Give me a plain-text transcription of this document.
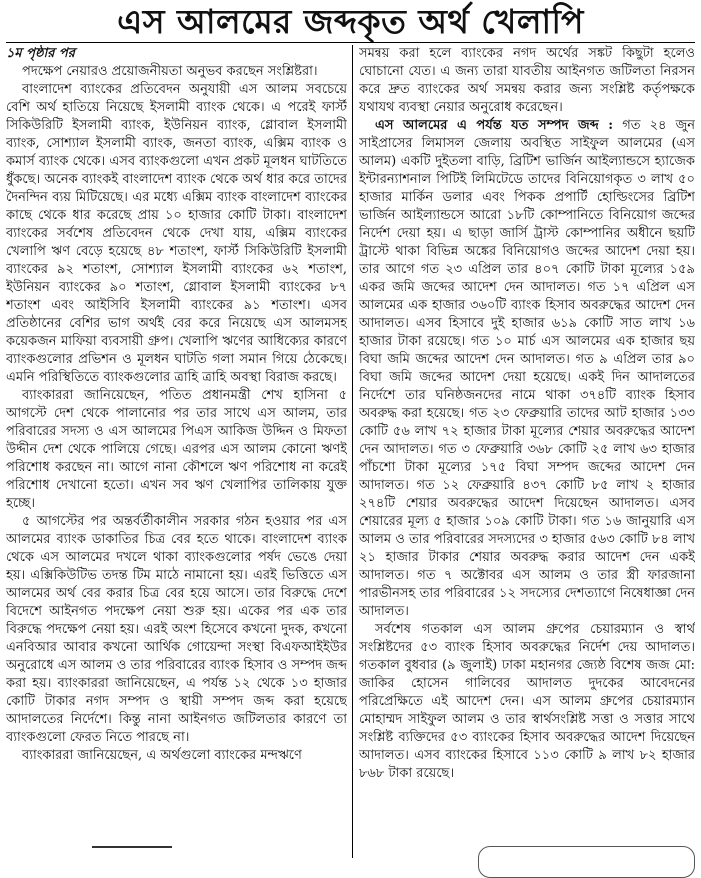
এস আলমের জব্দকৃত অর্থ খেলাপি
১ম পৃষ্ঠার পর

পদক্ষেপ নেয়ারও প্রয়োজনীয়তা অনুভব করছেন সংশ্লিষ্টরা।

বাংলাদেশ ব্যাংকের প্রতিবেদন অনুযায়ী এস আলম সবচেয়ে বেশি অর্থ হাতিয়ে নিয়েছে ইসলামী ব্যাংক থেকে। এ পরেই ফার্স্ট সিকিউরিটি ইসলামী ব্যাংক, ইউনিয়ন ব্যাংক, গ্লোবাল ইসলামী ব্যাংক, সোশ্যাল ইসলামী ব্যাংক, জনতা ব্যাংক, এক্সিম ব্যাংক ও কমার্স ব্যাংক থেকে। এসব ব্যাংকগুলো এখন প্রকট মূলধন ঘাটতিতে ধুঁকছে। অনেক ব্যাংকই বাংলাদেশ ব্যাংক থেকে অর্থ ধার করে তাদের দৈনন্দিন ব্যয় মিটিয়েছে। এর মধ্যে এক্সিম ব্যাংক বাংলাদেশ ব্যাংকের কাছে থেকে ধার করেছে প্রায় ১০ হাজার কোটি টাকা। বাংলাদেশ ব্যাংকের সর্বশেষ প্রতিবেদন থেকে দেখা যায়, এক্সিম ব্যাংকের খেলাপি ঋণ বেড়ে হয়েছে ৪৮ শতাংশ, ফার্স্ট সিকিউরিটি ইসলামী ব্যাংকের ৯২ শতাংশ, সোশ্যাল ইসলামী ব্যাংকের ৬২ শতাংশ, ইউনিয়ন ব্যাংকের ৯০ শতাংশ, গ্লোবাল ইসলামী ব্যাংকের ৮৭ শতাংশ এবং আইসিবি ইসলামী ব্যাংকের ৯১ শতাংশ। এসব প্রতিষ্ঠানের বেশির ভাগ অর্থই বের করে নিয়েছে এস আলমসহ কয়েকজন মাফিয়া ব্যবসায়ী গ্রুপ। খেলাপি ঋণের আধিক্যের কারণে ব্যাংকগুলোর প্রভিশন ও মূলধন ঘাটতি গলা সমান গিয়ে ঠেকেছে। এমনি পরিস্থিতিতে ব্যাংকগুলোর ত্রাহি ত্রাহি অবস্থা বিরাজ করছে।

ব্যাংকাররা জানিয়েছেন, পতিত প্রধানমন্ত্রী শেখ হাসিনা ৫ আগস্টে দেশ থেকে পালানোর পর তার সাথে এস আলম, তার পরিবারের সদস্য ও এস আলমের পিএস আকিজ উদ্দিন ও মিফতা উদ্দীন দেশ থেকে পালিয়ে গেছে। এরপর এস আলম কোনো ঋণই পরিশোধ করছেন না। আগে নানা কৌশলে ঋণ পরিশোধ না করেই পরিশোধ দেখানো হতো। এখন সব ঋণ খেলাপির তালিকায় যুক্ত হচ্ছে।

৫ আগস্টের পর অন্তর্বর্তীকালীন সরকার গঠন হওয়ার পর এস আলমের ব্যাংক ডাকাতির চিত্র বের হতে থাকে। বাংলাদেশ ব্যাংক থেকে এস আলমের দখলে থাকা ব্যাংকগুলোর পর্ষদ ভেঙে দেয়া হয়। এক্সিকিউটিভ তদন্ত টিম মাঠে নামানো হয়। এরই ভিত্তিতে এস আলমের অর্থ বের করার চিত্র বের হয়ে আসে। তার বিরুদ্ধে দেশে বিদেশে আইনগত পদক্ষেপ নেয়া শুরু হয়। একের পর এক তার বিরুদ্ধে পদক্ষেপ নেয়া হয়। এরই অংশ হিসেবে কখনো দুদক, কখনো এনবিআর আবার কখনো আর্থিক গোয়েন্দা সংস্থা বিএফআইইউর অনুরোধে এস আলম ও তার পরিবারের ব্যাংক হিসাব ও সম্পদ জব্দ করা হয়। ব্যাংকাররা জানিয়েছেন, এ পর্যন্ত ১২ থেকে ১৩ হাজার কোটি টাকার নগদ সম্পদ ও স্থায়ী সম্পদ জব্দ করা হয়েছে আদালতের নির্দেশে। কিন্তু নানা আইনগত জটিলতার কারণে তা ব্যাংকগুলো ফেরত নিতে পারছে না।

ব্যাংকাররা জানিয়েছেন, এ অর্থগুলো ব্যাংকের মন্দঋণে

সমন্বয় করা হলে ব্যাংকের নগদ অর্থের সঙ্কট কিছুটা হলেও ঘোচানো যেত। এ জন্য তারা যাবতীয় আইনগত জটিলতা নিরসন করে দ্রুত ব্যাংকের অর্থ সমন্বয় করার জন্য সংশ্লিষ্ট কর্তৃপক্ষকে যথাযথ ব্যবস্থা নেয়ার অনুরোধ করেছেন।

এস আলমের এ পর্যন্ত যত সম্পদ জব্দ : গত ২৪ জুন সাইপ্রাসের লিমাসল জেলায় অবস্থিত সাইফুল আলমের (এস আলম) একটি দুইতলা বাড়ি, ব্রিটিশ ভার্জিন আইল্যান্ডসে হ্যাজেক ইন্টারন্যাশনাল পিটিই লিমিটেডে তাদের বিনিয়োগকৃত ৩ লাখ ৫০ হাজার মার্কিন ডলার এবং পিকক প্রপার্টি হোল্ডিংসের ব্রিটিশ ভার্জিন আইল্যান্ডসে আরো ১৮টি কোম্পানিতে বিনিয়োগ জব্দের নির্দেশ দেয়া হয়। এ ছাড়া জার্সি ট্রাস্ট কোম্পানির অধীনে ছয়টি ট্রাস্টে থাকা বিভিন্ন অঙ্কের বিনিয়োগও জব্দের আদেশ দেয়া হয়। তার আগে গত ২৩ এপ্রিল তার ৪০৭ কোটি টাকা মূল্যের ১৫৯ একর জমি জব্দের আদেশ দেন আদালত। গত ১৭ এপ্রিল এস আলমের এক হাজার ৩৬০টি ব্যাংক হিসাব অবরুদ্ধের আদেশ দেন আদালত। এসব হিসাবে দুই হাজার ৬১৯ কোটি সাত লাখ ১৬ হাজার টাকা রয়েছে। গত ১০ মার্চ এস আলমের এক হাজার ছয় বিঘা জমি জব্দের আদেশ দেন আদালত। গত ৯ এপ্রিল তার ৯০ বিঘা জমি জব্দের আদেশ দেয়া হয়েছে। একই দিন আদালতের নির্দেশে তার ঘনিষ্ঠজনদের নামে থাকা ৩৭৪টি ব্যাংক হিসাব অবরুদ্ধ করা হয়েছে। গত ২৩ ফেব্রুয়ারি তাদের আট হাজার ১৩৩ কোটি ৫৬ লাখ ৭২ হাজার টাকা মূল্যের শেয়ার অবরুদ্ধের আদেশ দেন আদালত। গত ৩ ফেব্রুয়ারি ৩৬৮ কোটি ২৫ লাখ ৬৩ হাজার পাঁচশো টাকা মূল্যের ১৭৫ বিঘা সম্পদ জব্দের আদেশ দেন আদালত। গত ১২ ফেব্রুয়ারি ৪৩৭ কোটি ৮৫ লাখ ২ হাজার ২৭৪টি শেয়ার অবরুদ্ধের আদেশ দিয়েছেন আদালত। এসব শেয়ারের মূল্য ৫ হাজার ১০৯ কোটি টাকা। গত ১৬ জানুয়ারি এস আলম ও তার পরিবারের সদস্যদের ৩ হাজার ৫৬৩ কোটি ৮৪ লাখ ২১ হাজার টাকার শেয়ার অবরুদ্ধ করার আদেশ দেন একই আদালত। গত ৭ অক্টোবর এস আলম ও তার স্ত্রী ফারজানা পারভীনসহ তার পরিবারের ১২ সদস্যের দেশত্যাগে নিষেধাজ্ঞা দেন আদালত।

সর্বশেষ গতকাল এস আলম গ্রুপের চেয়ারম্যান ও স্বার্থ সংশ্লিষ্টদের ৫৩ ব্যাংক হিসাব অবরুদ্ধের নির্দেশ দেয় আদালত। গতকাল বুধবার (৯ জুলাই) ঢাকা মহানগর জ্যেষ্ঠ বিশেষ জজ মো: জাকির হোসেন গালিবের আদালত দুদকের আবেদনের পরিপ্রেক্ষিতে এই আদেশ দেন। এস আলম গ্রুপের চেয়ারম্যান মোহাম্মদ সাইফুল আলম ও তার স্বার্থসংশ্লিষ্ট সত্তা ও সত্তার সাথে সংশ্লিষ্ট ব্যক্তিদের ৫৩ ব্যাংকের হিসাব অবরুদ্ধের আদেশ দিয়েছেন আদালত। এসব ব্যাংকের হিসাবে ১১৩ কোটি ৯ লাখ ৮২ হাজার ৮৬৮ টাকা রয়েছে।
